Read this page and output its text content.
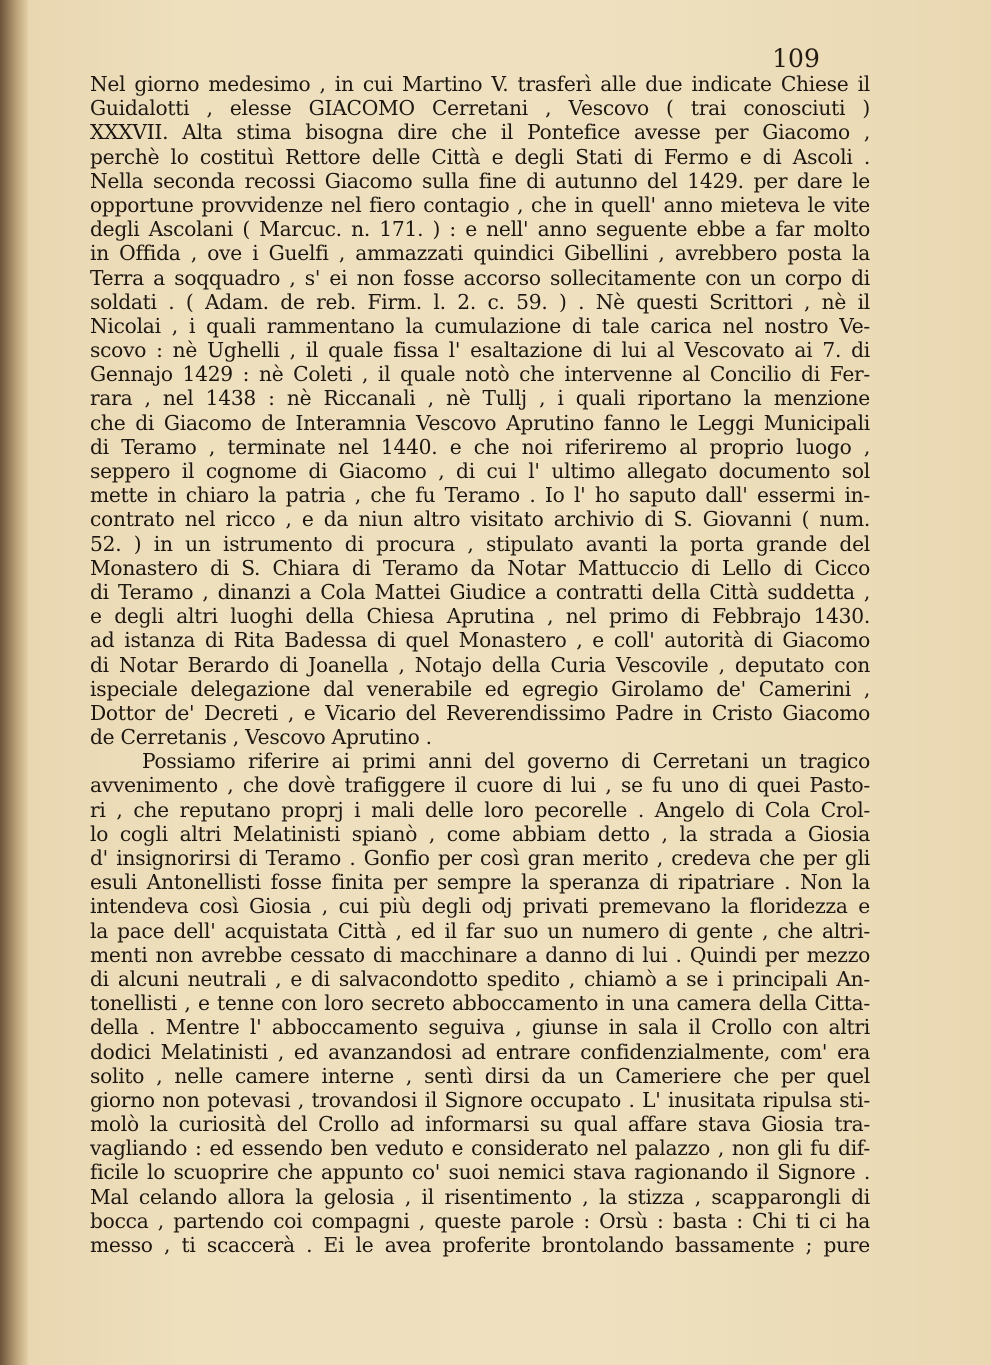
109
Nel giorno medesimo , in cui Martino V. trasferì alle due indicate Chiese il
Guidalotti , elesse GIACOMO Cerretani , Vescovo ( trai conosciuti )
XXXVII. Alta stima bisogna dire che il Pontefice avesse per Giacomo ,
perchè lo costituì Rettore delle Città e degli Stati di Fermo e di Ascoli .
Nella seconda recossi Giacomo sulla fine di autunno del 1429. per dare le
opportune provvidenze nel fiero contagio , che in quell' anno mieteva le vite
degli Ascolani ( Marcuc. n. 171. ) : e nell' anno seguente ebbe a far molto
in Offida , ove i Guelfi , ammazzati quindici Gibellini , avrebbero posta la
Terra a soqquadro , s' ei non fosse accorso sollecitamente con un corpo di
soldati . ( Adam. de reb. Firm. l. 2. c. 59. ) . Nè questi Scrittori , nè il
Nicolai , i quali rammentano la cumulazione di tale carica nel nostro Ve-
scovo : nè Ughelli , il quale fissa l' esaltazione di lui al Vescovato ai 7. di
Gennajo 1429 : nè Coleti , il quale notò che intervenne al Concilio di Fer-
rara , nel 1438 : nè Riccanali , nè Tullj , i quali riportano la menzione
che di Giacomo de Interamnia Vescovo Aprutino fanno le Leggi Municipali
di Teramo , terminate nel 1440. e che noi riferiremo al proprio luogo ,
seppero il cognome di Giacomo , di cui l' ultimo allegato documento sol
mette in chiaro la patria , che fu Teramo . Io l' ho saputo dall' essermi in-
contrato nel ricco , e da niun altro visitato archivio di S. Giovanni ( num.
52. ) in un istrumento di procura , stipulato avanti la porta grande del
Monastero di S. Chiara di Teramo da Notar Mattuccio di Lello di Cicco
di Teramo , dinanzi a Cola Mattei Giudice a contratti della Città suddetta ,
e degli altri luoghi della Chiesa Aprutina , nel primo di Febbrajo 1430.
ad istanza di Rita Badessa di quel Monastero , e coll' autorità di Giacomo
di Notar Berardo di Joanella , Notajo della Curia Vescovile , deputato con
ispeciale delegazione dal venerabile ed egregio Girolamo de' Camerini ,
Dottor de' Decreti , e Vicario del Reverendissimo Padre in Cristo Giacomo
de Cerretanis , Vescovo Aprutino .
Possiamo riferire ai primi anni del governo di Cerretani un tragico
avvenimento , che dovè trafiggere il cuore di lui , se fu uno di quei Pasto-
ri , che reputano proprj i mali delle loro pecorelle . Angelo di Cola Crol-
lo cogli altri Melatinisti spianò , come abbiam detto , la strada a Giosia
d' insignorirsi di Teramo . Gonfio per così gran merito , credeva che per gli
esuli Antonellisti fosse finita per sempre la speranza di ripatriare . Non la
intendeva così Giosia , cui più degli odj privati premevano la floridezza e
la pace dell' acquistata Città , ed il far suo un numero di gente , che altri-
menti non avrebbe cessato di macchinare a danno di lui . Quindi per mezzo
di alcuni neutrali , e di salvacondotto spedito , chiamò a se i principali An-
tonellisti , e tenne con loro secreto abboccamento in una camera della Citta-
della . Mentre l' abboccamento seguiva , giunse in sala il Crollo con altri
dodici Melatinisti , ed avanzandosi ad entrare confidenzialmente, com' era
solito , nelle camere interne , sentì dirsi da un Cameriere che per quel
giorno non potevasi , trovandosi il Signore occupato . L' inusitata ripulsa sti-
molò la curiosità del Crollo ad informarsi su qual affare stava Giosia tra-
vagliando : ed essendo ben veduto e considerato nel palazzo , non gli fu dif-
ficile lo scuoprire che appunto co' suoi nemici stava ragionando il Signore .
Mal celando allora la gelosia , il risentimento , la stizza , scapparongli di
bocca , partendo coi compagni , queste parole : Orsù : basta : Chi ti ci ha
messo , ti scaccerà . Ei le avea proferite brontolando bassamente ; pure
